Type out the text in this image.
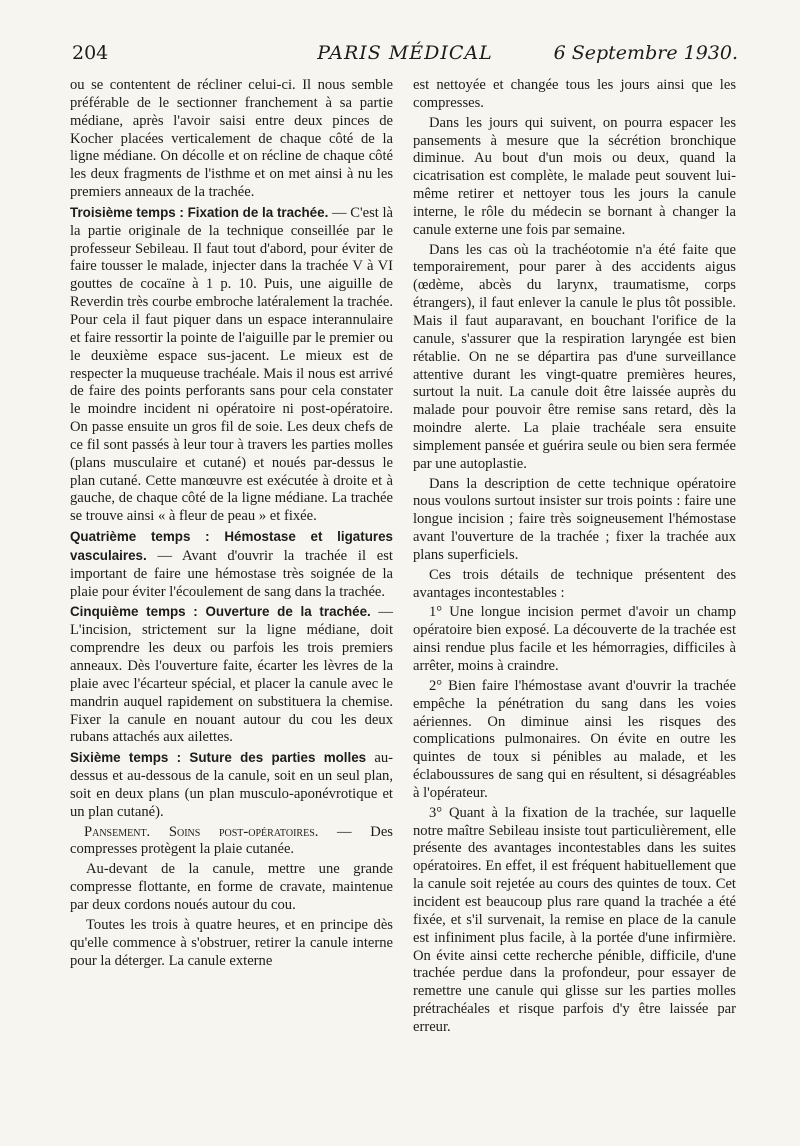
204	PARIS MÉDICAL	6 Septembre 1930.

ou se contentent de récliner celui-ci. Il nous semble préférable de le sectionner franchement à sa partie médiane, après l'avoir saisi entre deux pinces de Kocher placées verticalement de chaque côté de la ligne médiane. On décolle et on récline de chaque côté les deux fragments de l'isthme et on met ainsi à nu les premiers anneaux de la trachée.

Troisième temps : Fixation de la trachée. — C'est là la partie originale de la technique conseillée par le professeur Sebileau. Il faut tout d'abord, pour éviter de faire tousser le malade, injecter dans la trachée V à VI gouttes de cocaïne à 1 p. 10. Puis, une aiguille de Reverdin très courbe embroche latéralement la trachée. Pour cela il faut piquer dans un espace interannulaire et faire ressortir la pointe de l'aiguille par le premier ou le deuxième espace sus-jacent. Le mieux est de respecter la muqueuse trachéale. Mais il nous est arrivé de faire des points perforants sans pour cela constater le moindre incident ni opératoire ni post-opératoire. On passe ensuite un gros fil de soie. Les deux chefs de ce fil sont passés à leur tour à travers les parties molles (plans musculaire et cutané) et noués par-dessus le plan cutané. Cette manœuvre est exécutée à droite et à gauche, de chaque côté de la ligne médiane. La trachée se trouve ainsi « à fleur de peau » et fixée.

Quatrième temps : Hémostase et ligatures vasculaires. — Avant d'ouvrir la trachée il est important de faire une hémostase très soignée de la plaie pour éviter l'écoulement de sang dans la trachée.

Cinquième temps : Ouverture de la trachée. — L'incision, strictement sur la ligne médiane, doit comprendre les deux ou parfois les trois premiers anneaux. Dès l'ouverture faite, écarter les lèvres de la plaie avec l'écarteur spécial, et placer la canule avec le mandrin auquel rapidement on substituera la chemise. Fixer la canule en nouant autour du cou les deux rubans attachés aux ailettes.

Sixième temps : Suture des parties molles au-dessus et au-dessous de la canule, soit en un seul plan, soit en deux plans (un plan musculo-aponévrotique et un plan cutané).

Pansement. Soins post-opératoires. — Des compresses protègent la plaie cutanée.

Au-devant de la canule, mettre une grande compresse flottante, en forme de cravate, maintenue par deux cordons noués autour du cou.

Toutes les trois à quatre heures, et en principe dès qu'elle commence à s'obstruer, retirer la canule interne pour la déterger. La canule externe

est nettoyée et changée tous les jours ainsi que les compresses.

Dans les jours qui suivent, on pourra espacer les pansements à mesure que la sécrétion bronchique diminue. Au bout d'un mois ou deux, quand la cicatrisation est complète, le malade peut souvent lui-même retirer et nettoyer tous les jours la canule interne, le rôle du médecin se bornant à changer la canule externe une fois par semaine.

Dans les cas où la trachéotomie n'a été faite que temporairement, pour parer à des accidents aigus (œdème, abcès du larynx, traumatisme, corps étrangers), il faut enlever la canule le plus tôt possible. Mais il faut auparavant, en bouchant l'orifice de la canule, s'assurer que la respiration laryngée est bien rétablie. On ne se départira pas d'une surveillance attentive durant les vingt-quatre premières heures, surtout la nuit. La canule doit être laissée auprès du malade pour pouvoir être remise sans retard, dès la moindre alerte. La plaie trachéale sera ensuite simplement pansée et guérira seule ou bien sera fermée par une autoplastie.

Dans la description de cette technique opératoire nous voulons surtout insister sur trois points : faire une longue incision ; faire très soigneusement l'hémostase avant l'ouverture de la trachée ; fixer la trachée aux plans superficiels.

Ces trois détails de technique présentent des avantages incontestables :

1° Une longue incision permet d'avoir un champ opératoire bien exposé. La découverte de la trachée est ainsi rendue plus facile et les hémorragies, difficiles à arrêter, moins à craindre.

2° Bien faire l'hémostase avant d'ouvrir la trachée empêche la pénétration du sang dans les voies aériennes. On diminue ainsi les risques des complications pulmonaires. On évite en outre les quintes de toux si pénibles au malade, et les éclaboussures de sang qui en résultent, si désagréables à l'opérateur.

3° Quant à la fixation de la trachée, sur laquelle notre maître Sebileau insiste tout particulièrement, elle présente des avantages incontestables dans les suites opératoires. En effet, il est fréquent habituellement que la canule soit rejetée au cours des quintes de toux. Cet incident est beaucoup plus rare quand la trachée a été fixée, et s'il survenait, la remise en place de la canule est infiniment plus facile, à la portée d'une infirmière. On évite ainsi cette recherche pénible, difficile, d'une trachée perdue dans la profondeur, pour essayer de remettre une canule qui glisse sur les parties molles prétrachéales et risque parfois d'y être laissée par erreur.
